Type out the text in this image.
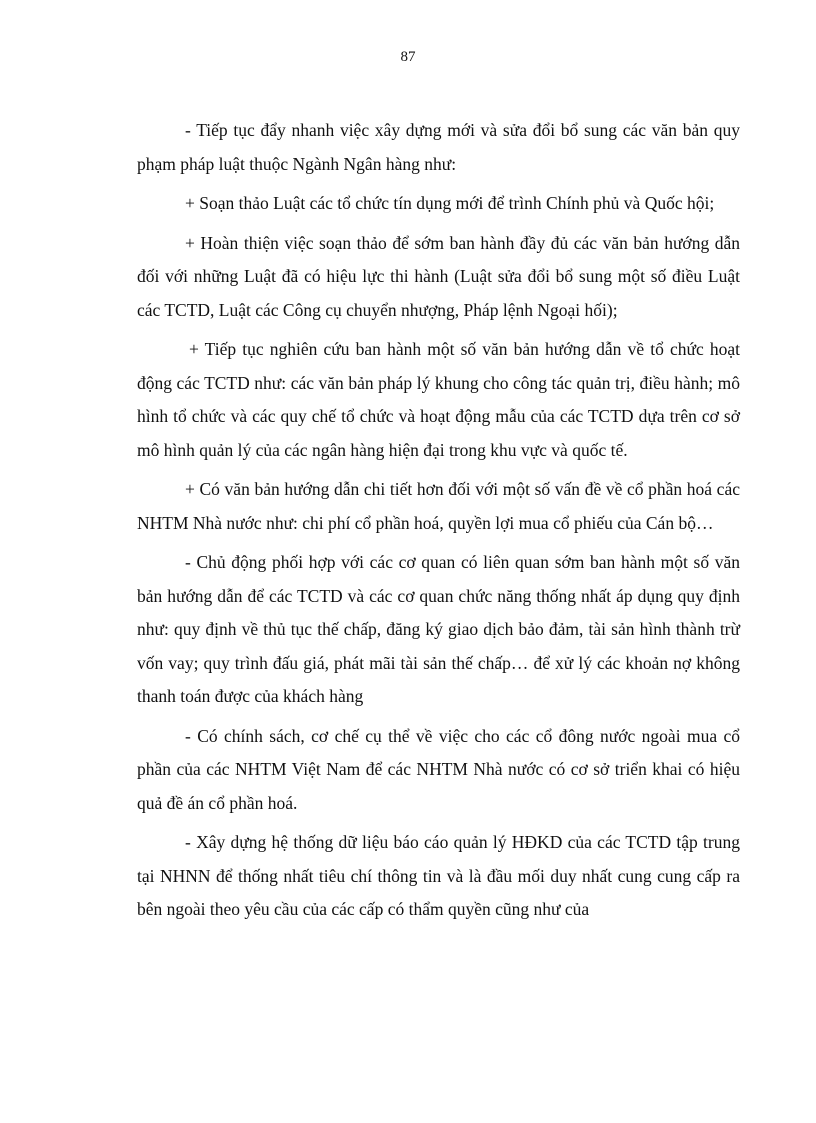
87

- Tiếp tục đẩy nhanh việc xây dựng mới và sửa đổi bổ sung các văn bản quy phạm pháp luật thuộc Ngành Ngân hàng như:

+ Soạn thảo Luật các tổ chức tín dụng mới để trình Chính phủ và Quốc hội;

+ Hoàn thiện việc soạn thảo để sớm ban hành đầy đủ các văn bản hướng dẫn đối với những Luật đã có hiệu lực thi hành (Luật sửa đổi bổ sung một số điều Luật các TCTD, Luật các Công cụ chuyển nhượng, Pháp lệnh Ngoại hối);

+ Tiếp tục nghiên cứu ban hành một số văn bản hướng dẫn về tổ chức hoạt động các TCTD như: các văn bản pháp lý khung cho công tác quản trị, điều hành; mô hình tổ chức và các quy chế tổ chức và hoạt động mẫu của các TCTD dựa trên cơ sở mô hình quản lý của các ngân hàng hiện đại trong khu vực và quốc tế.

+ Có văn bản hướng dẫn chi tiết hơn đối với một số vấn đề về cổ phần hoá các NHTM Nhà nước như: chi phí cổ phần hoá, quyền lợi mua cổ phiếu của Cán bộ…

- Chủ động phối hợp với các cơ quan có liên quan sớm ban hành một số văn bản hướng dẫn để các TCTD và các cơ quan chức năng thống nhất áp dụng quy định như: quy định về thủ tục thế chấp, đăng ký giao dịch bảo đảm, tài sản hình thành trừ vốn vay; quy trình đấu giá, phát mãi tài sản thế chấp… để xử lý các khoản nợ không thanh toán được của khách hàng

- Có chính sách, cơ chế cụ thể về việc cho các cổ đông nước ngoài mua cổ phần của các NHTM Việt Nam để các NHTM Nhà nước có cơ sở triển khai có hiệu quả đề án cổ phần hoá.

- Xây dựng hệ thống dữ liệu báo cáo quản lý HĐKD của các TCTD tập trung tại NHNN để thống nhất tiêu chí thông tin và là đầu mối duy nhất cung cung cấp ra bên ngoài theo yêu cầu của các cấp có thẩm quyền cũng như của
